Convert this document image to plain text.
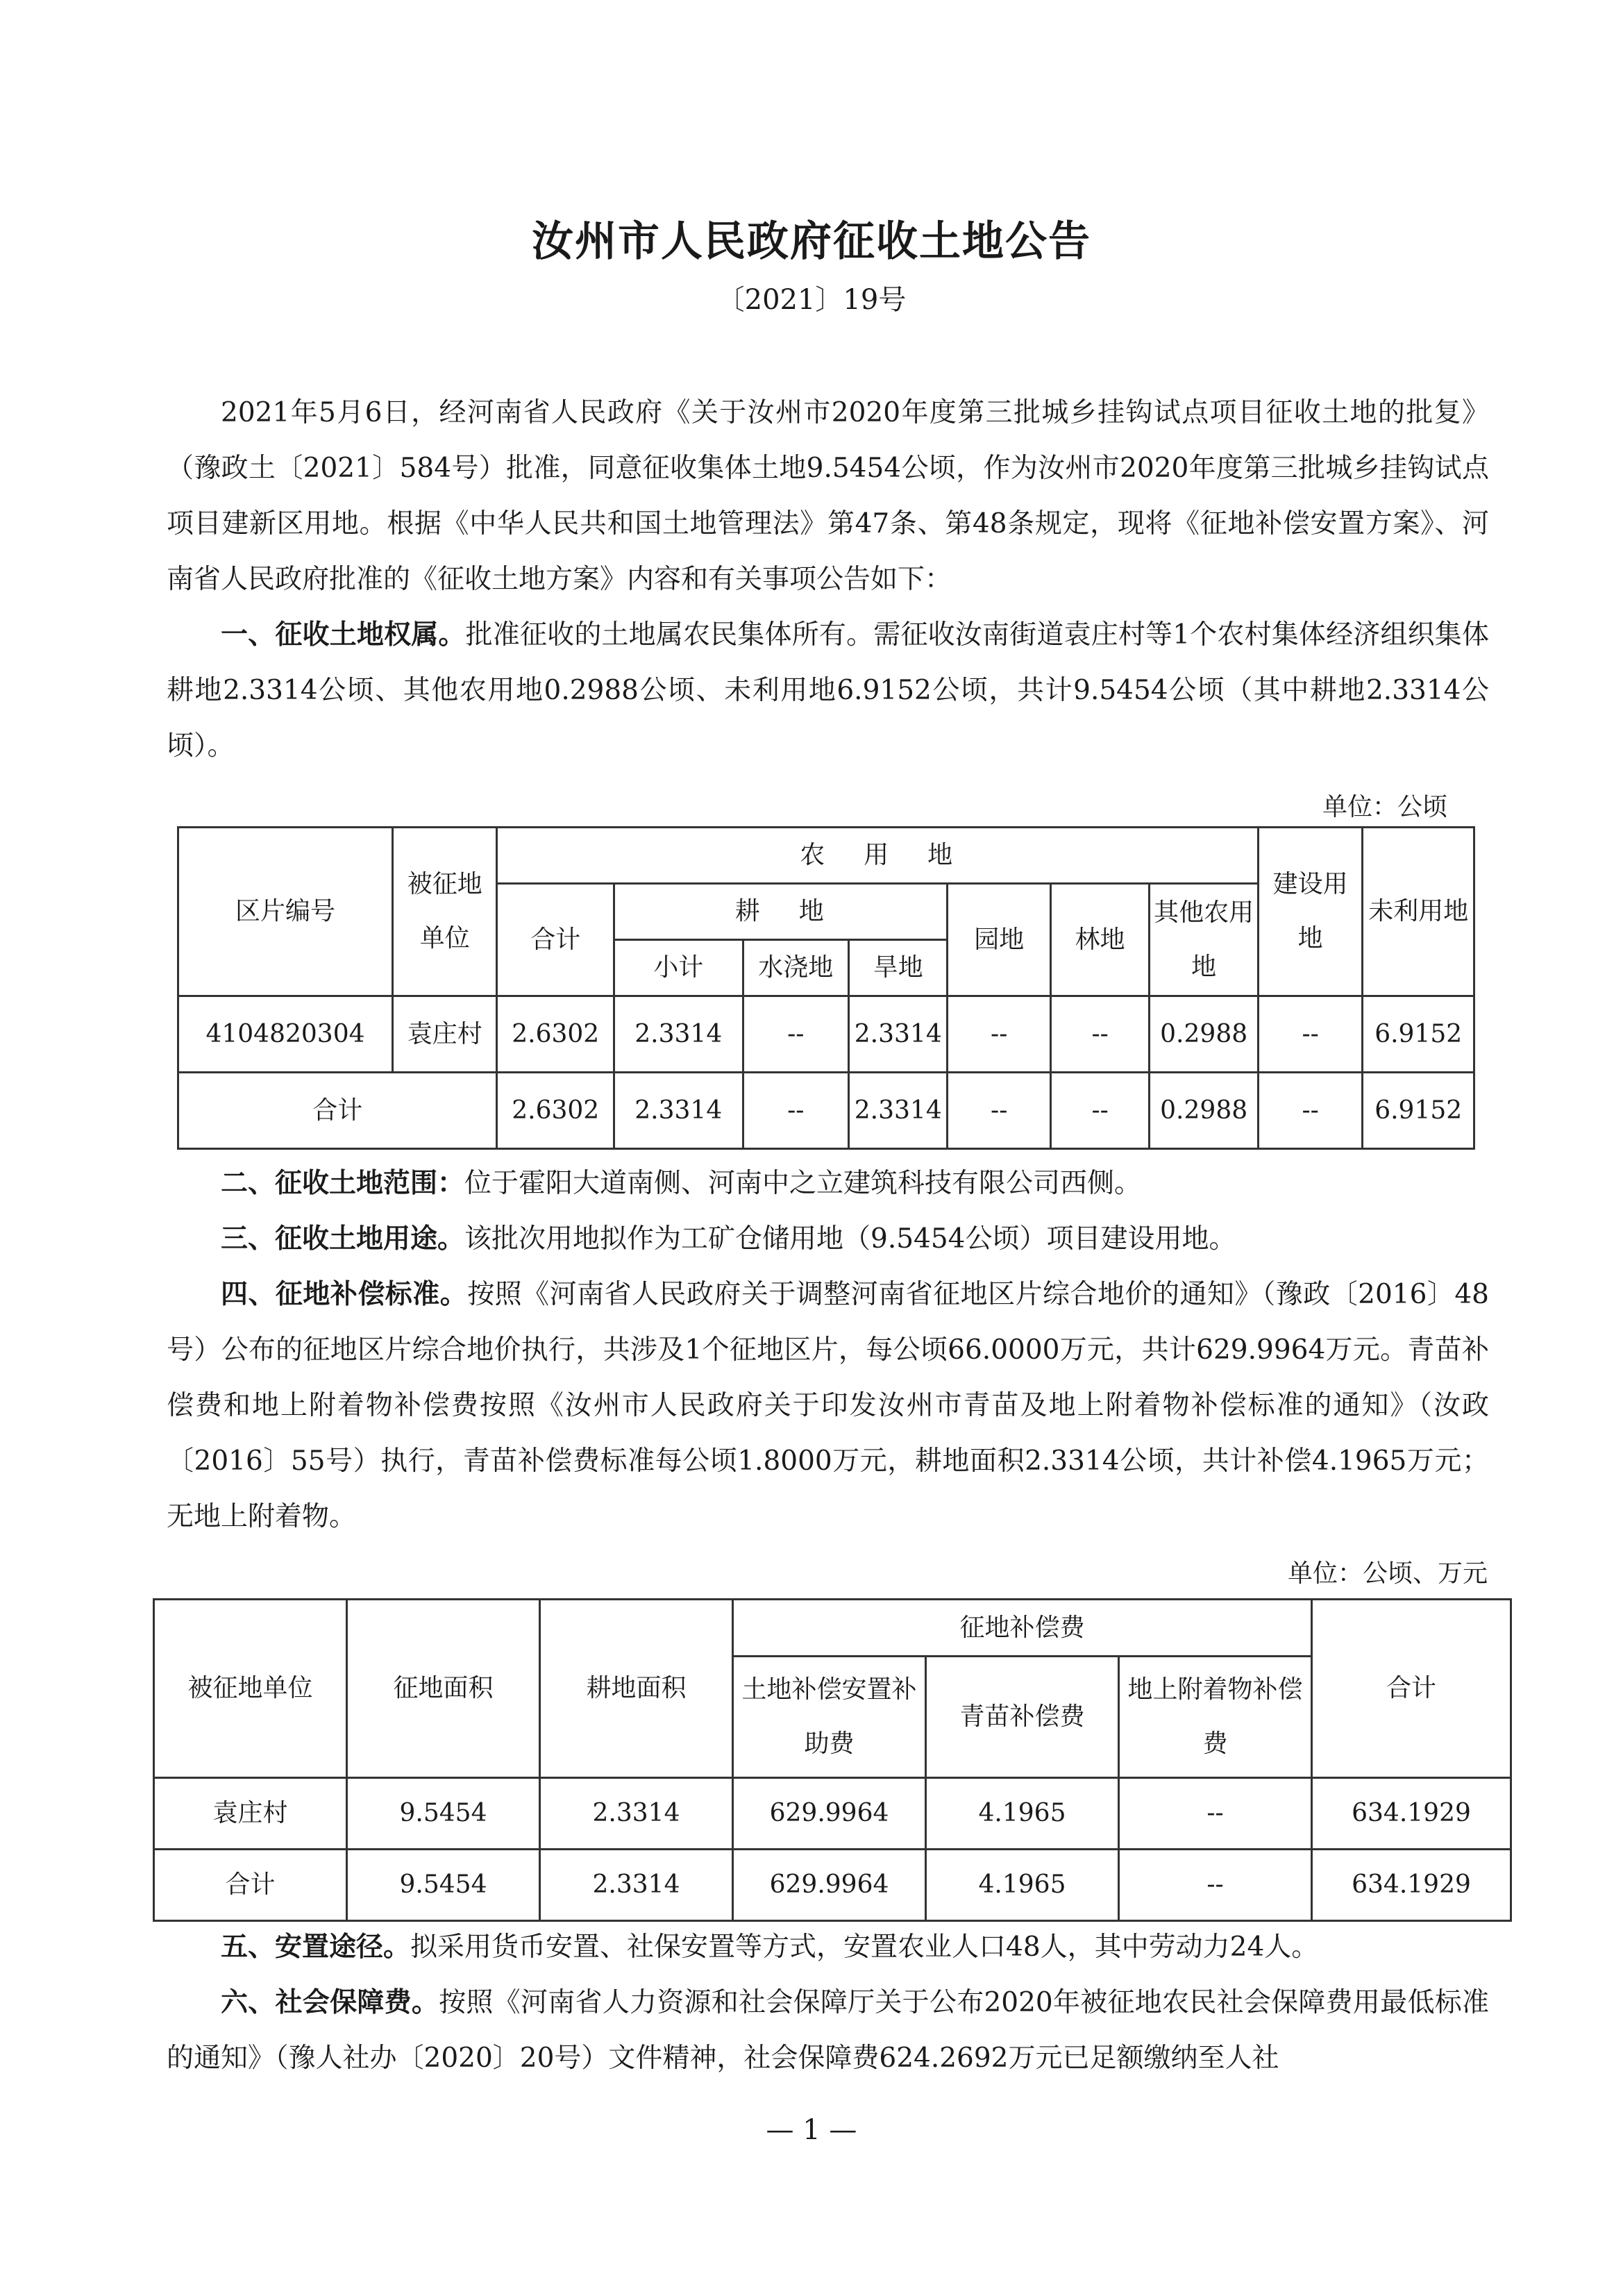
汝州市人民政府征收土地公告
〔2021〕19号

2021年5月6日，经河南省人民政府《关于汝州市2020年度第三批城乡挂钩试点项目征收土地的批复》（豫政土〔2021〕584号）批准，同意征收集体土地9.5454公顷，作为汝州市2020年度第三批城乡挂钩试点项目建新区用地。根据《中华人民共和国土地管理法》第47条、第48条规定，现将《征地补偿安置方案》、河南省人民政府批准的《征收土地方案》内容和有关事项公告如下：

一、征收土地权属。批准征收的土地属农民集体所有。需征收汝南街道袁庄村等1个农村集体经济组织集体耕地2.3314公顷、其他农用地0.2988公顷、未利用地6.9152公顷，共计9.5454公顷（其中耕地2.3314公顷）。

单位：公顷
区片编号	被征地单位	农用地							建设用地	未利用地
		合计	耕地			园地	林地	其他农用地		
			小计	水浇地	旱地					
4104820304	袁庄村	2.6302	2.3314	--	2.3314	--	--	0.2988	--	6.9152
合计		2.6302	2.3314	--	2.3314	--	--	0.2988	--	6.9152

二、征收土地范围：位于霍阳大道南侧、河南中之立建筑科技有限公司西侧。

三、征收土地用途。该批次用地拟作为工矿仓储用地（9.5454公顷）项目建设用地。

四、征地补偿标准。按照《河南省人民政府关于调整河南省征地区片综合地价的通知》（豫政〔2016〕48号）公布的征地区片综合地价执行，共涉及1个征地区片，每公顷66.0000万元，共计629.9964万元。青苗补偿费和地上附着物补偿费按照《汝州市人民政府关于印发汝州市青苗及地上附着物补偿标准的通知》（汝政〔2016〕55号）执行，青苗补偿费标准每公顷1.8000万元，耕地面积2.3314公顷，共计补偿4.1965万元；无地上附着物。

单位：公顷、万元
被征地单位	征地面积	耕地面积	征地补偿费			合计
			土地补偿安置补助费	青苗补偿费	地上附着物补偿费	
袁庄村	9.5454	2.3314	629.9964	4.1965	--	634.1929
合计	9.5454	2.3314	629.9964	4.1965	--	634.1929

五、安置途径。拟采用货币安置、社保安置等方式，安置农业人口48人，其中劳动力24人。

六、社会保障费。按照《河南省人力资源和社会保障厅关于公布2020年被征地农民社会保障费用最低标准的通知》（豫人社办〔2020〕20号）文件精神，社会保障费624.2692万元已足额缴纳至人社

— 1 —
